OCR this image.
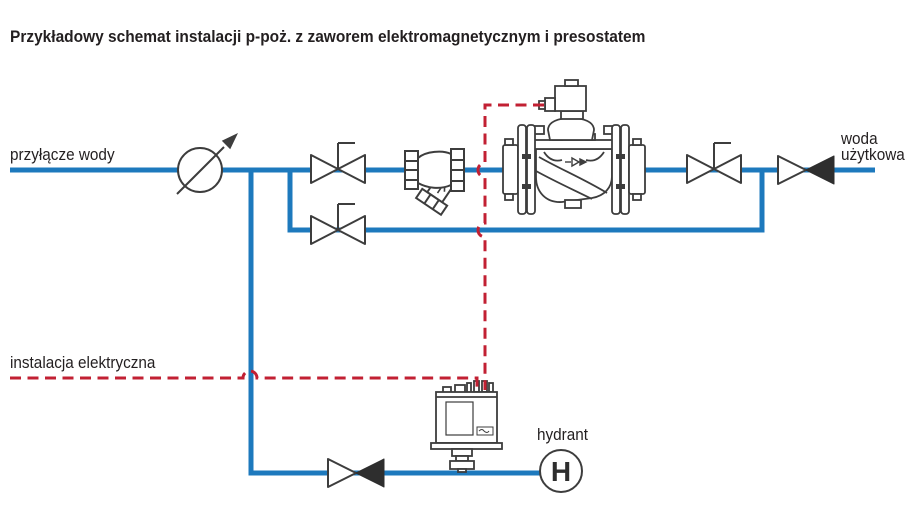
Przykładowy schemat instalacji p-poż. z zaworem elektromagnetycznym i presostatem
przyłącze wody
instalacja elektryczna
woda
użytkowa
hydrant
H
